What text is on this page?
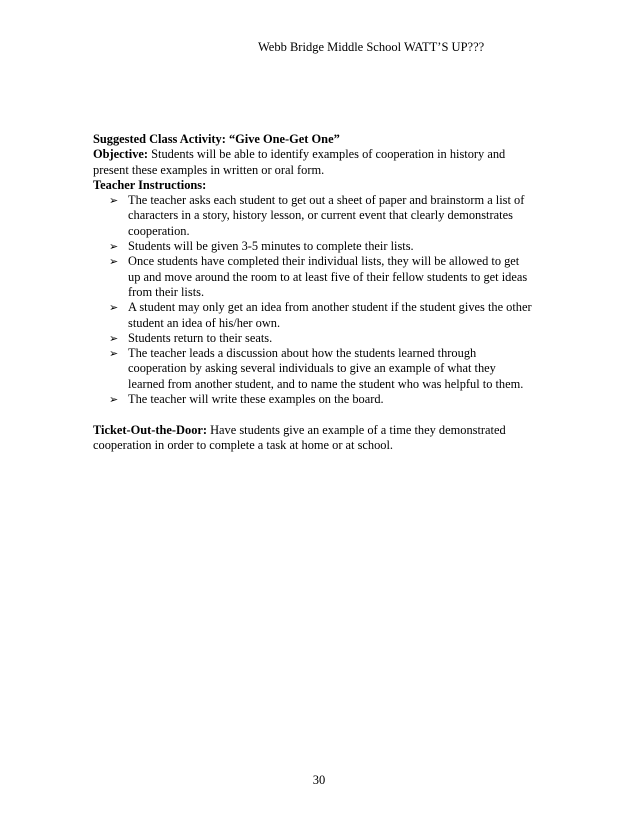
Webb Bridge Middle School WATT’S UP???

Suggested Class Activity: “Give One-Get One”

Objective: Students will be able to identify examples of cooperation in history and present these examples in written or oral form.

Teacher Instructions:

➢ The teacher asks each student to get out a sheet of paper and brainstorm a list of characters in a story, history lesson, or current event that clearly demonstrates cooperation.
➢ Students will be given 3-5 minutes to complete their lists.
➢ Once students have completed their individual lists, they will be allowed to get up and move around the room to at least five of their fellow students to get ideas from their lists.
➢ A student may only get an idea from another student if the student gives the other student an idea of his/her own.
➢ Students return to their seats.
➢ The teacher leads a discussion about how the students learned through cooperation by asking several individuals to give an example of what they learned from another student, and to name the student who was helpful to them.
➢ The teacher will write these examples on the board.

Ticket-Out-the-Door: Have students give an example of a time they demonstrated cooperation in order to complete a task at home or at school.

30
